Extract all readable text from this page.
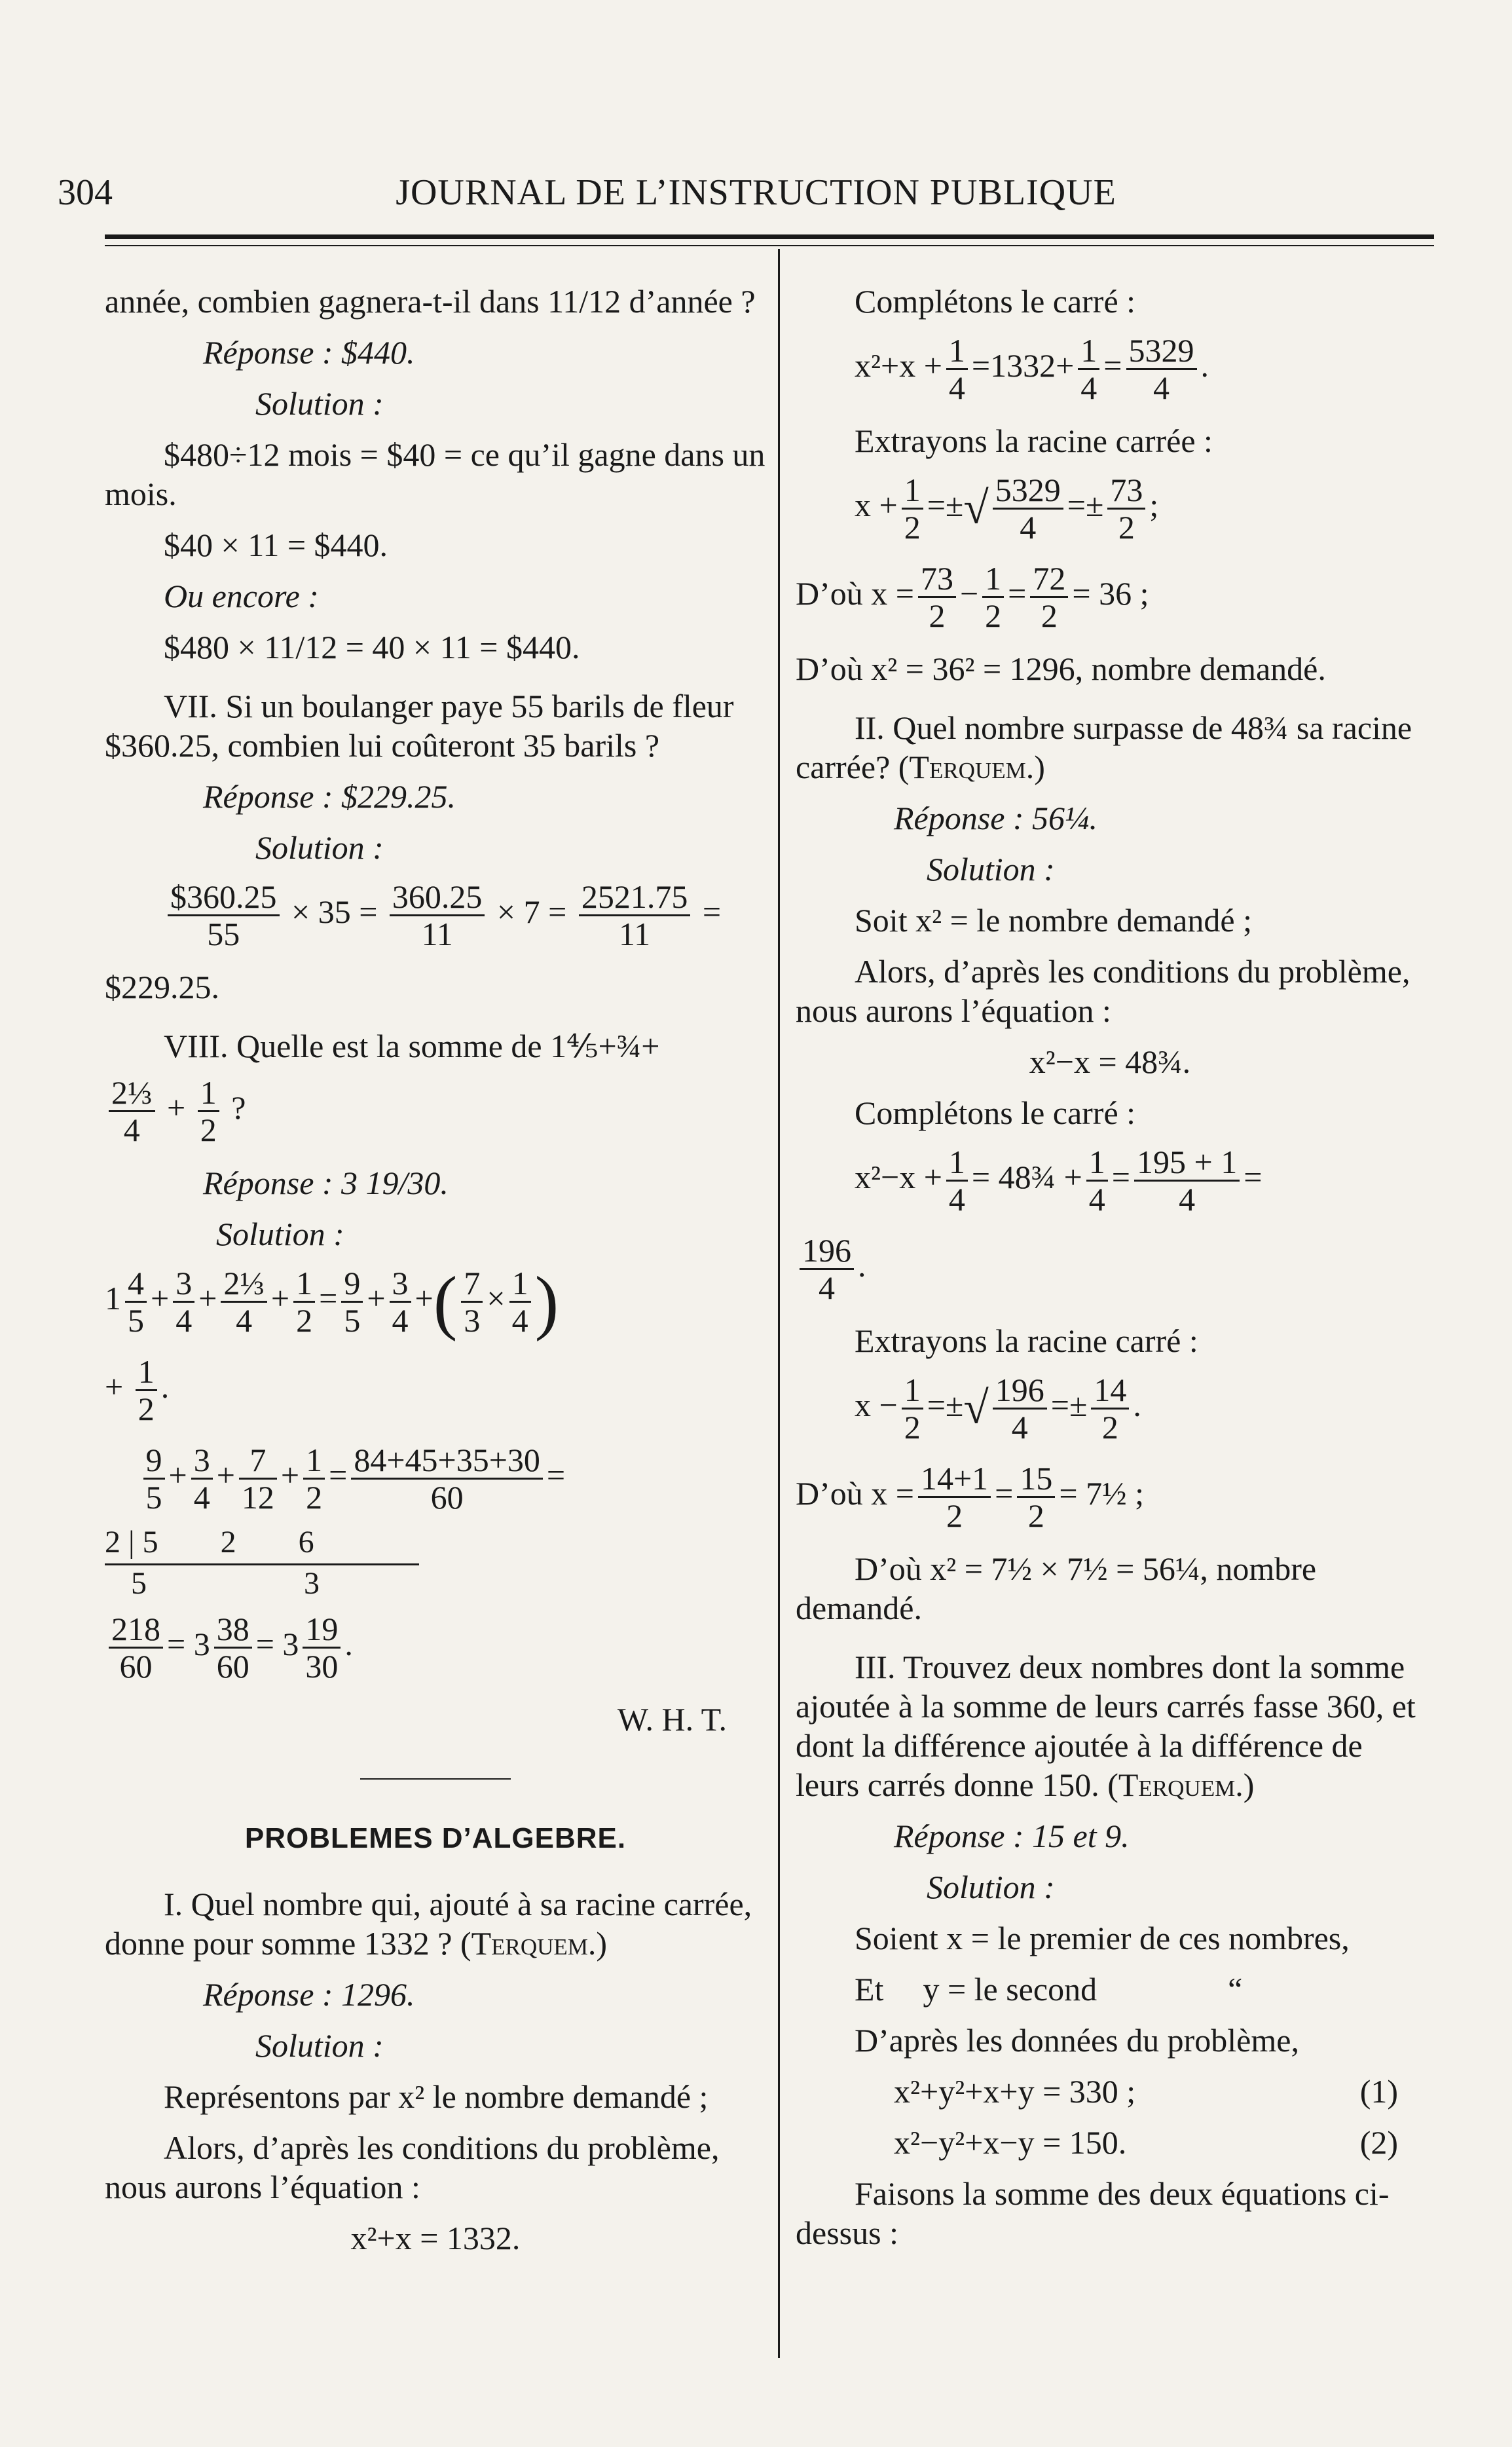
304	JOURNAL DE L’INSTRUCTION PUBLIQUE

année, combien gagnera-t-il dans 11/12 d’année ?

Réponse : $440.

Solution :

$480÷12 mois = $40 = ce qu’il gagne dans un mois.

$40 × 11 = $440.

Ou encore :

$480 × 11/12 = 40 × 11 = $440.

VII. Si un boulanger paye 55 barils de fleur $360.25, combien lui coûteront 35 barils ?

Réponse : $229.25.

Solution :

$\frac{\$360.25}{55} \times 35 = \frac{360.25}{11} \times 7 = \frac{2521.75}{11}$ =

$229.25.

VIII. Quelle est la somme de 1⅘+¾+

$\frac{\text{2⅓}}{4} + \frac{1}{2}$ ?

Réponse : 3 19/30.

Solution :

$1 \frac{4}{5} + \frac{3}{4} + \frac{\text{2⅓}}{4} + \frac{1}{2} = \frac{9}{5} + \frac{3}{4}$ +( $\frac{7}{3} \times \frac{1}{4}$ )
+ $\frac{1}{2}$ .

$\frac{9}{5} + \frac{3}{4} + \frac{7}{12} + \frac{1}{2} = \frac{84+45+35+30}{60}$ =
2 | 5 2 6
5	3
$\frac{218}{60} = 3 \frac{38}{60} = 3 \frac{19}{30}$ .

W. H. T.

PROBLEMES D’ALGEBRE.

I. Quel nombre qui, ajouté à sa racine carrée, donne pour somme 1332 ? (Terquem.)

Réponse : 1296.

Solution :

Représentons par x² le nombre demandé ;

Alors, d’après les conditions du problème, nous aurons l’équation :

x²+x = 1332.

Complétons le carré :

$x^2+x + \frac{1}{4} =1332+ \frac{1}{4} = \frac{5329}{4}$ .

Extrayons la racine carrée :

$x + \frac{1}{2}$ =±√ $\frac{5329}{4} =\pm \frac{73}{2}$ ;
D’où $x = \frac{73}{2} - \frac{1}{2} = \frac{72}{2} = 36$ ;

D’où x² = 36² = 1296, nombre demandé.

II. Quel nombre surpasse de 48¾ sa racine carrée? (Terquem.)

Réponse : 56¼.

Solution :

Soit x² = le nombre demandé ;

Alors, d’après les conditions du problème, nous aurons l’équation :

x²−x = 48¾.

Complétons le carré :

$x^2-x + \frac{1}{4}$ = 48¾ + $\frac{1}{4} = \frac{195 + 1}{4}$ =
$\frac{196}{4}$ .

Extrayons la racine carré :

$x - \frac{1}{2}$ =±√ $\frac{196}{4} =\pm \frac{14}{2}$ .
D’où $x = \frac{14+1}{2} = \frac{15}{2}$ = 7½ ;

D’où x² = 7½ × 7½ = 56¼, nombre demandé.

III. Trouvez deux nombres dont la somme ajoutée à la somme de leurs carrés fasse 360, et dont la différence ajoutée à la différence de leurs carrés donne 150. (Terquem.)

Réponse : 15 et 9.

Solution :

Soient x = le premier de ces nombres,

Et y = le second	“

D’après les données du problème,

x²+y²+x+y = 330 ;	(1)

x²−y²+x−y = 150.	(2)

Faisons la somme des deux équations ci-dessus :
